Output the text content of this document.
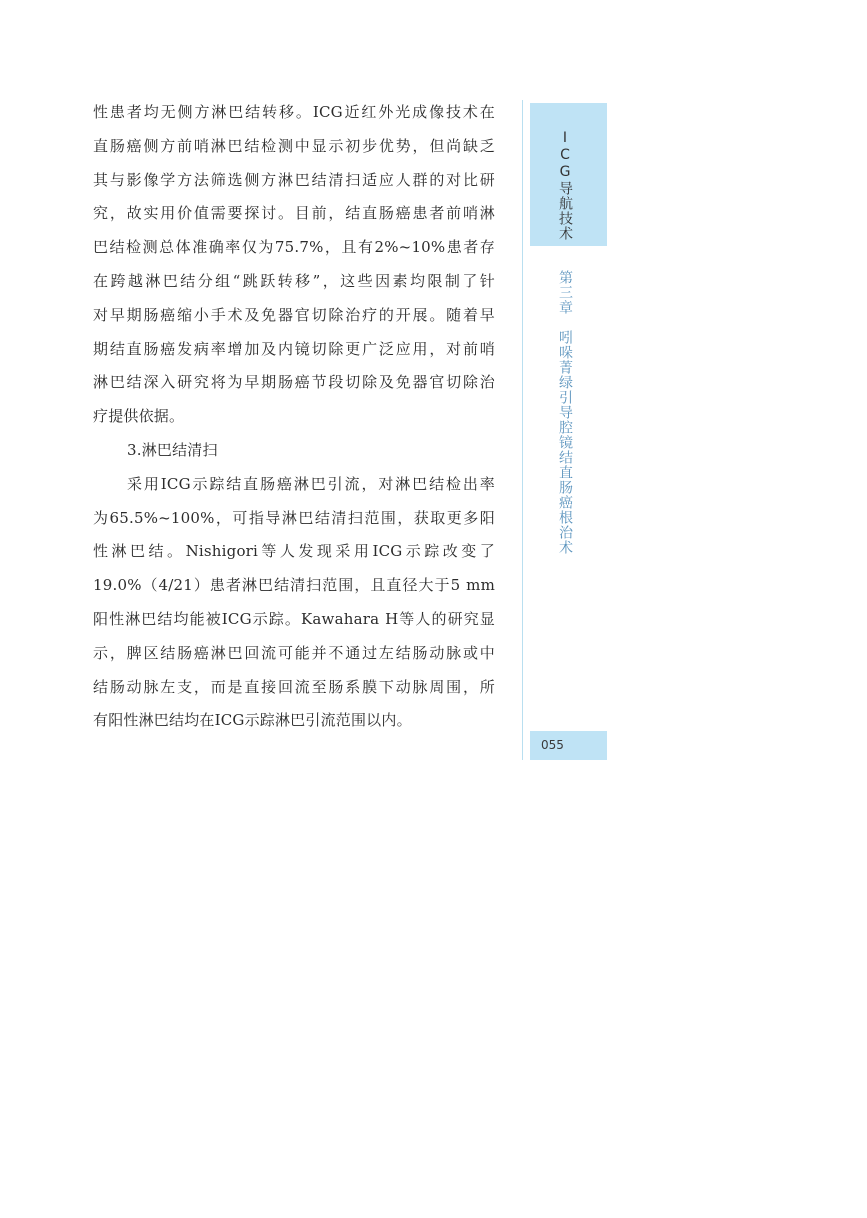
性患者均无侧方淋巴结转移。ICG近红外光成像技术在
直肠癌侧方前哨淋巴结检测中显示初步优势，但尚缺乏
其与影像学方法筛选侧方淋巴结清扫适应人群的对比研
究，故实用价值需要探讨。目前，结直肠癌患者前哨淋
巴结检测总体准确率仅为75.7%，且有2%~10%患者存
在跨越淋巴结分组“跳跃转移”，这些因素均限制了针
对早期肠癌缩小手术及免器官切除治疗的开展。随着早
期结直肠癌发病率增加及内镜切除更广泛应用，对前哨
淋巴结深入研究将为早期肠癌节段切除及免器官切除治
疗提供依据。
3.淋巴结清扫
采用ICG示踪结直肠癌淋巴引流，对淋巴结检出率
为65.5%~100%，可指导淋巴结清扫范围，获取更多阳
性淋巴结。Nishigori等人发现采用ICG示踪改变了
19.0%（4/21）患者淋巴结清扫范围，且直径大于5 mm
阳性淋巴结均能被ICG示踪。Kawahara H等人的研究显
示，脾区结肠癌淋巴回流可能并不通过左结肠动脉或中
结肠动脉左支，而是直接回流至肠系膜下动脉周围，所
有阳性淋巴结均在ICG示踪淋巴引流范围以内。
ICG导航技术
第三章　吲哚菁绿引导腔镜结直肠癌根治术
055
